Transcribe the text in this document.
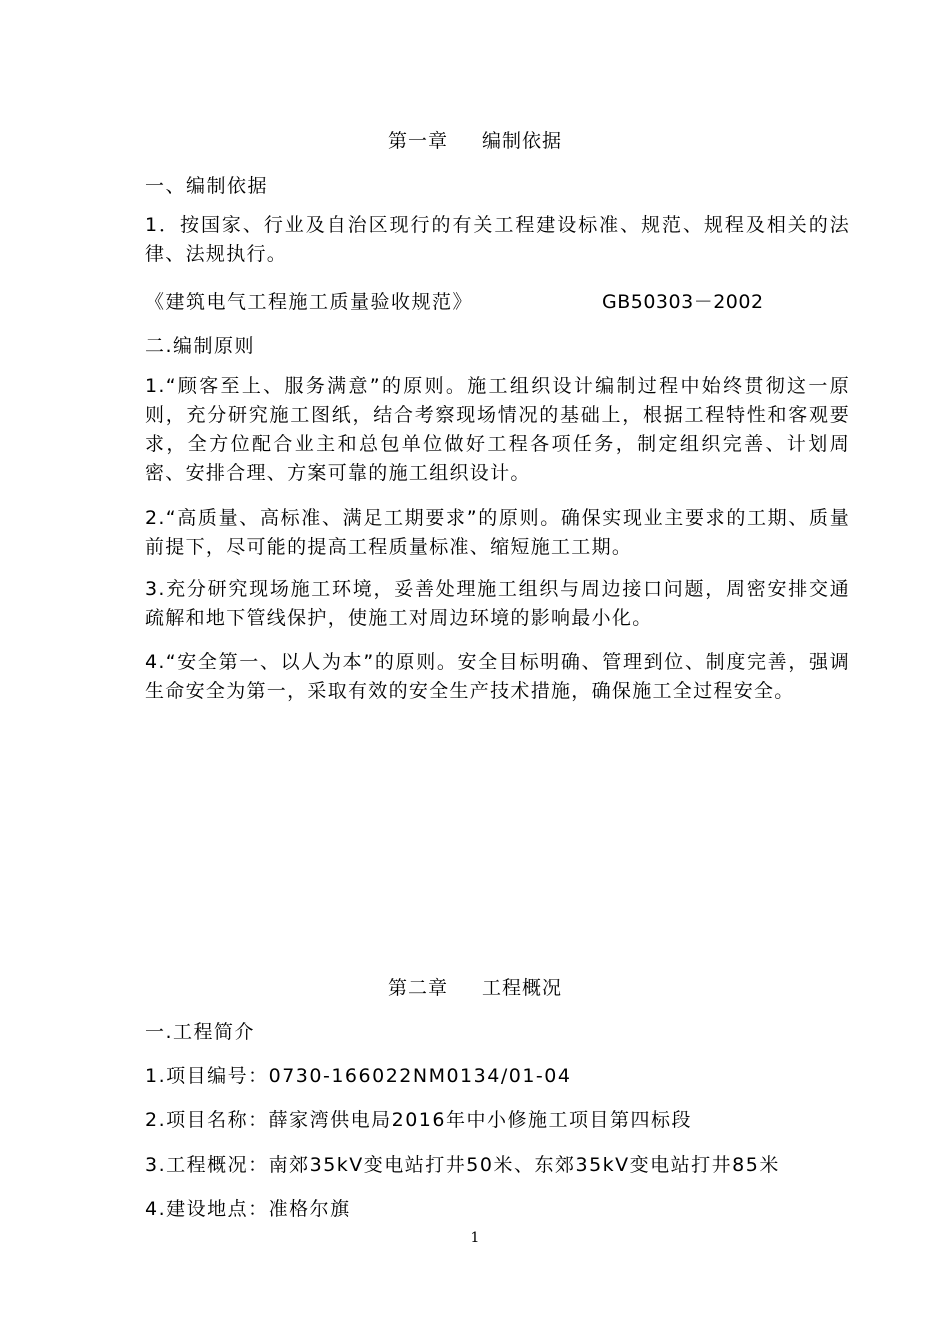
第一章 编制依据
一、编制依据
1．按国家、行业及自治区现行的有关工程建设标准、规范、规程及相关的法律、法规执行。
《建筑电气工程施工质量验收规范》	GB50303－2002
二.编制原则
1.“顾客至上、服务满意”的原则。施工组织设计编制过程中始终贯彻这一原则，充分研究施工图纸，结合考察现场情况的基础上，根据工程特性和客观要求，全方位配合业主和总包单位做好工程各项任务，制定组织完善、计划周密、安排合理、方案可靠的施工组织设计。
2.“高质量、高标准、满足工期要求”的原则。确保实现业主要求的工期、质量前提下，尽可能的提高工程质量标准、缩短施工工期。
3.充分研究现场施工环境，妥善处理施工组织与周边接口问题，周密安排交通疏解和地下管线保护，使施工对周边环境的影响最小化。
4.“安全第一、以人为本”的原则。安全目标明确、管理到位、制度完善，强调生命安全为第一，采取有效的安全生产技术措施，确保施工全过程安全。
第二章 工程概况
一.工程简介
1.项目编号：0730-166022NM0134/01-04
2.项目名称：薛家湾供电局2016年中小修施工项目第四标段
3.工程概况：南郊35kV变电站打井50米、东郊35kV变电站打井85米
4.建设地点：准格尔旗
1
